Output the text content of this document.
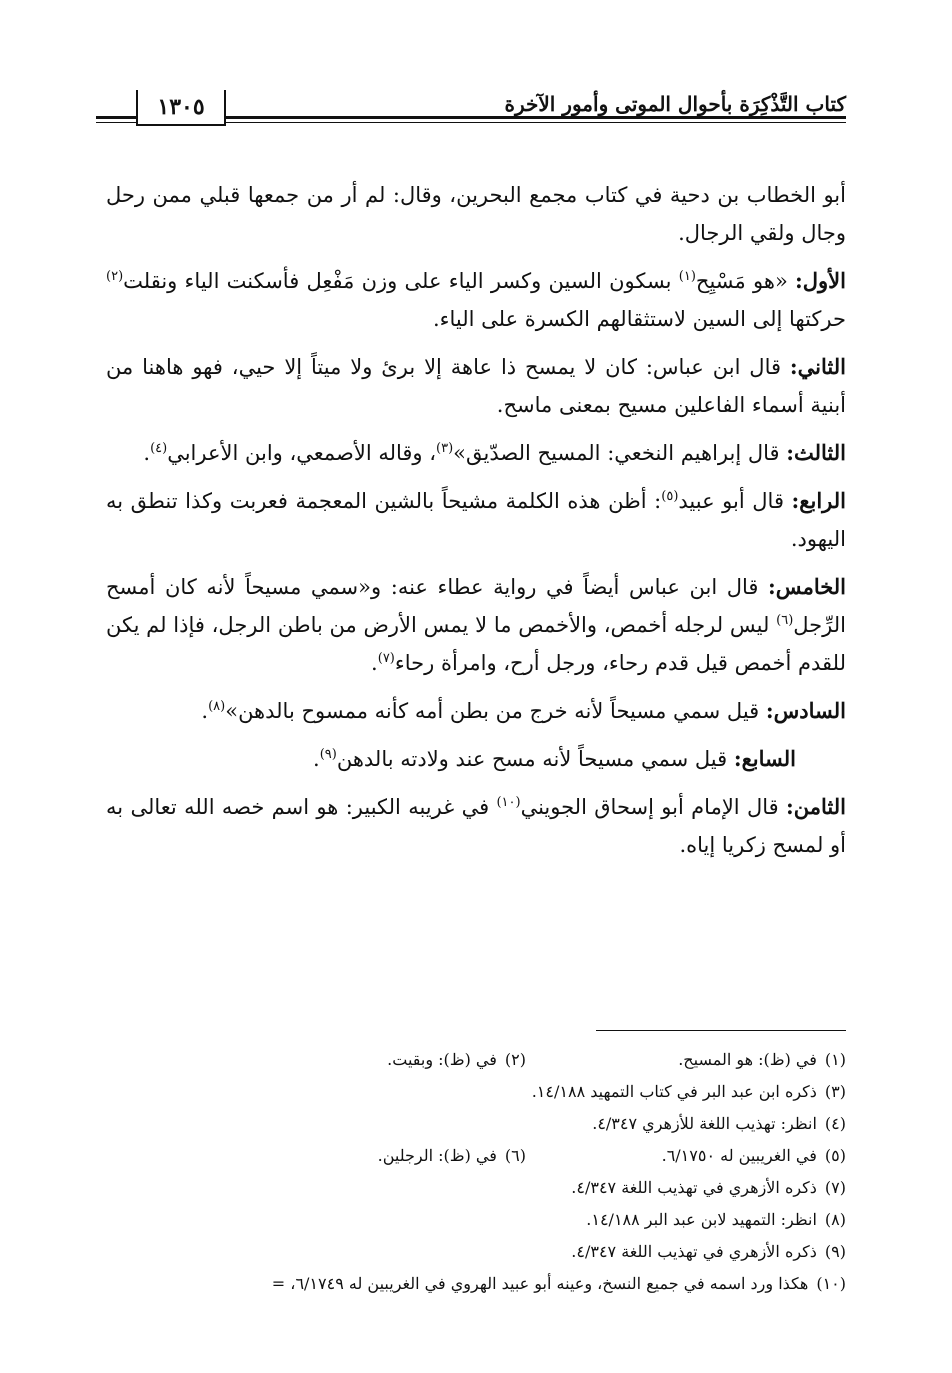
كتاب التَّذْكِرَة بأحوال الموتى وأمور الآخرة
١٣٠٥

أبو الخطاب بن دحية في كتاب مجمع البحرين، وقال: لم أر من جمعها قبلي ممن رحل وجال ولقي الرجال.

الأول: «هو مَسْيِح$^{(١)}$ بسكون السين وكسر الياء على وزن مَفْعِل فأسكنت الياء ونقلت$^{(٢)}$ حركتها إلى السين لاستثقالهم الكسرة على الياء.

الثاني: قال ابن عباس: كان لا يمسح ذا عاهة إلا برئ ولا ميتاً إلا حيي، فهو هاهنا من أبنية أسماء الفاعلين مسيح بمعنى ماسح.

الثالث: قال إبراهيم النخعي: المسيح الصدّيق»$^{(٣)}$، وقاله الأصمعي، وابن الأعرابي$^{(٤)}$.

الرابع: قال أبو عبيد$^{(٥)}$: أظن هذه الكلمة مشيحاً بالشين المعجمة فعربت وكذا تنطق به اليهود.

الخامس: قال ابن عباس أيضاً في رواية عطاء عنه: و«سمي مسيحاً لأنه كان أمسح الرِّجل$^{(٦)}$ ليس لرجله أخمص، والأخمص ما لا يمس الأرض من باطن الرجل، فإذا لم يكن للقدم أخمص قيل قدم رحاء، ورجل أرح، وامرأة رحاء$^{(٧)}$.

السادس: قيل سمي مسيحاً لأنه خرج من بطن أمه كأنه ممسوح بالدهن»$^{(٨)}$.

السابع: قيل سمي مسيحاً لأنه مسح عند ولادته بالدهن$^{(٩)}$.

الثامن: قال الإمام أبو إسحاق الجويني$^{(١٠)}$ في غريبه الكبير: هو اسم خصه الله تعالى به أو لمسح زكريا إياه.

(١)في (ظ): هو المسيح.
(٢)في (ظ): وبقيت.
(٣)ذكره ابن عبد البر في كتاب التمهيد ١٤/١٨٨.
(٤)انظر: تهذيب اللغة للأزهري ٤/٣٤٧.
(٥)في الغريبين له ٦/١٧٥٠.
(٦)في (ظ): الرجلين.
(٧)ذكره الأزهري في تهذيب اللغة ٤/٣٤٧.
(٨)انظر: التمهيد لابن عبد البر ١٤/١٨٨.
(٩)ذكره الأزهري في تهذيب اللغة ٤/٣٤٧.
(١٠)هكذا ورد اسمه في جميع النسخ، وعينه أبو عبيد الهروي في الغريبين له ٦/١٧٤٩، =
